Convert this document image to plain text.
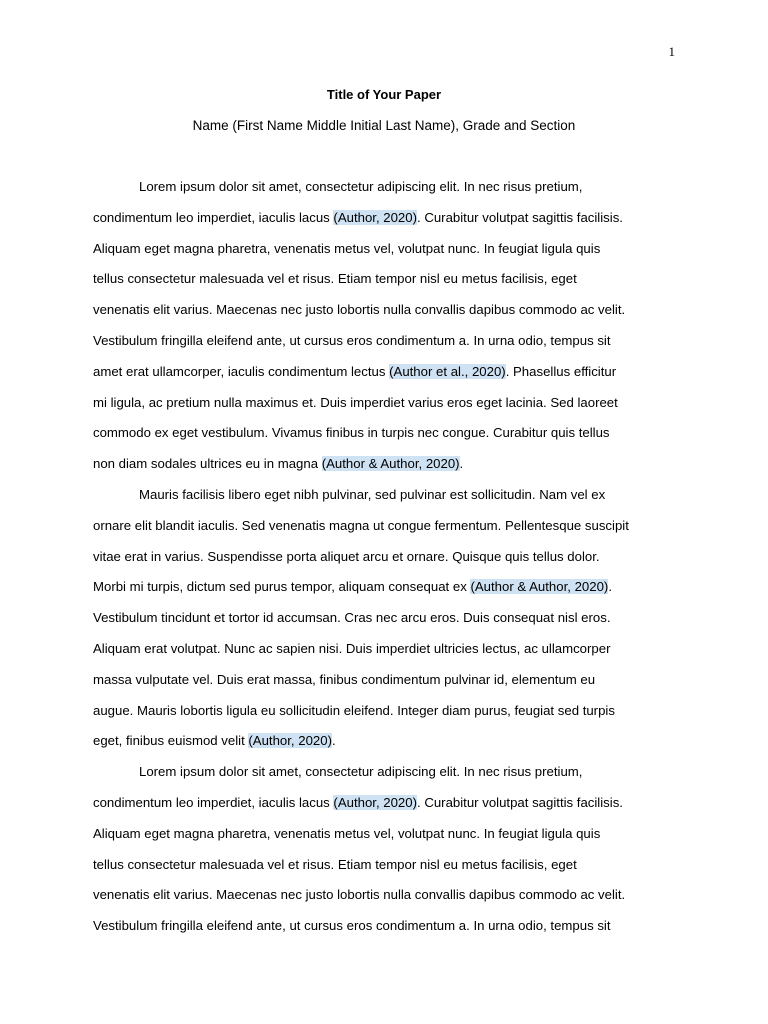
1
Title of Your Paper
Name (First Name Middle Initial Last Name), Grade and Section
Lorem ipsum dolor sit amet, consectetur adipiscing elit. In nec risus pretium,
condimentum leo imperdiet, iaculis lacus (Author, 2020). Curabitur volutpat sagittis facilisis.
Aliquam eget magna pharetra, venenatis metus vel, volutpat nunc. In feugiat ligula quis
tellus consectetur malesuada vel et risus. Etiam tempor nisl eu metus facilisis, eget
venenatis elit varius. Maecenas nec justo lobortis nulla convallis dapibus commodo ac velit.
Vestibulum fringilla eleifend ante, ut cursus eros condimentum a. In urna odio, tempus sit
amet erat ullamcorper, iaculis condimentum lectus (Author et al., 2020). Phasellus efficitur
mi ligula, ac pretium nulla maximus et. Duis imperdiet varius eros eget lacinia. Sed laoreet
commodo ex eget vestibulum. Vivamus finibus in turpis nec congue. Curabitur quis tellus
non diam sodales ultrices eu in magna (Author & Author, 2020).
Mauris facilisis libero eget nibh pulvinar, sed pulvinar est sollicitudin. Nam vel ex
ornare elit blandit iaculis. Sed venenatis magna ut congue fermentum. Pellentesque suscipit
vitae erat in varius. Suspendisse porta aliquet arcu et ornare. Quisque quis tellus dolor.
Morbi mi turpis, dictum sed purus tempor, aliquam consequat ex (Author & Author, 2020).
Vestibulum tincidunt et tortor id accumsan. Cras nec arcu eros. Duis consequat nisl eros.
Aliquam erat volutpat. Nunc ac sapien nisi. Duis imperdiet ultricies lectus, ac ullamcorper
massa vulputate vel. Duis erat massa, finibus condimentum pulvinar id, elementum eu
augue. Mauris lobortis ligula eu sollicitudin eleifend. Integer diam purus, feugiat sed turpis
eget, finibus euismod velit (Author, 2020).
Lorem ipsum dolor sit amet, consectetur adipiscing elit. In nec risus pretium,
condimentum leo imperdiet, iaculis lacus (Author, 2020). Curabitur volutpat sagittis facilisis.
Aliquam eget magna pharetra, venenatis metus vel, volutpat nunc. In feugiat ligula quis
tellus consectetur malesuada vel et risus. Etiam tempor nisl eu metus facilisis, eget
venenatis elit varius. Maecenas nec justo lobortis nulla convallis dapibus commodo ac velit.
Vestibulum fringilla eleifend ante, ut cursus eros condimentum a. In urna odio, tempus sit
